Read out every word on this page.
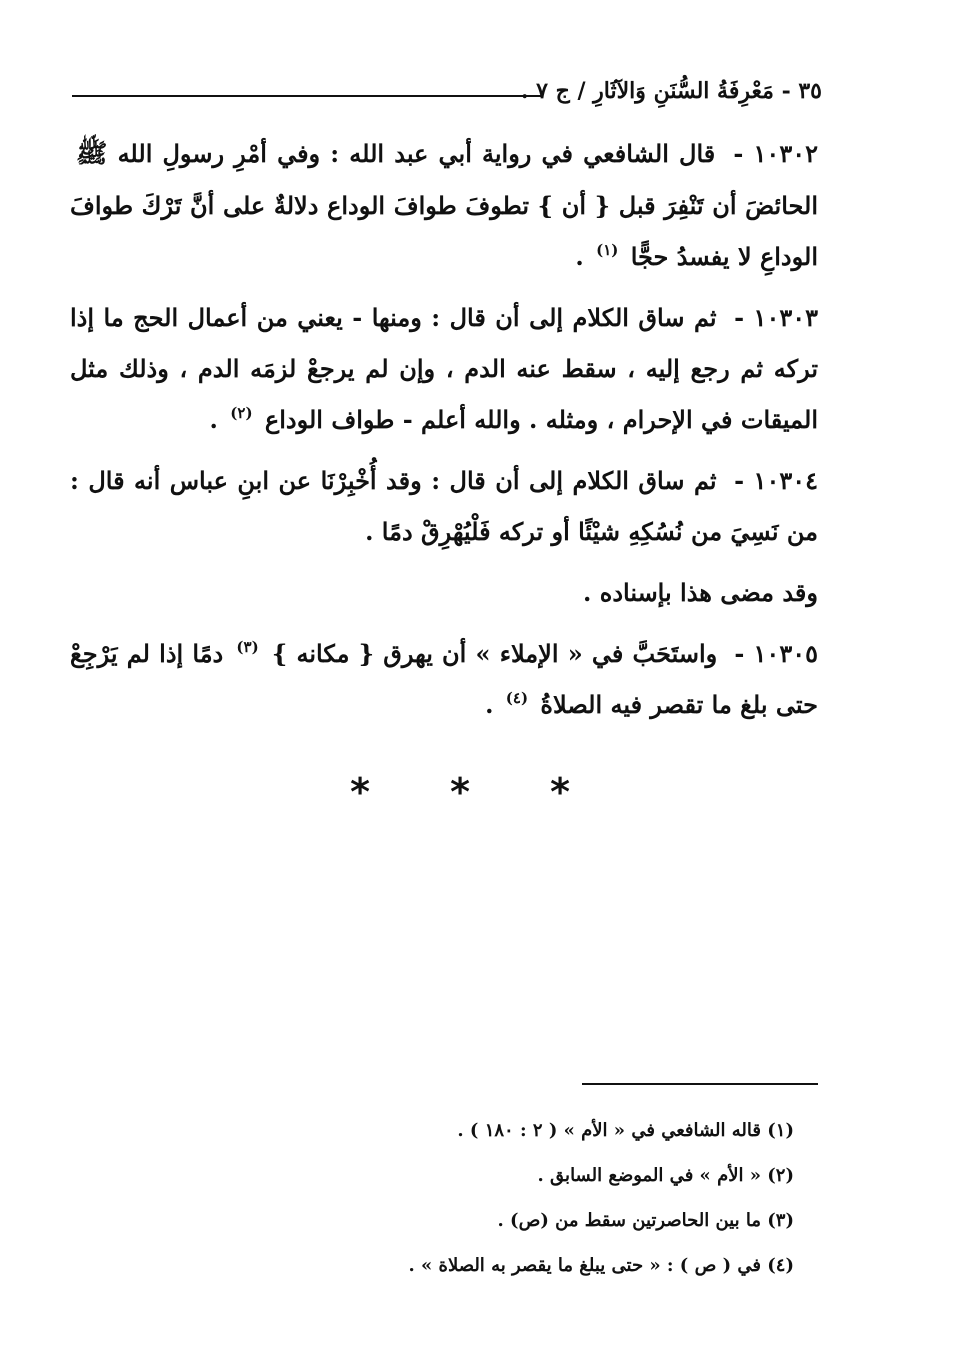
٣٥ - مَعْرِفَةُ السُّنَنِ وَالآثَارِ / ج ٧ .

١٠٣٠٢ - قال الشافعي في رواية أبي عبد الله : وفي أمْرِ رسولِ الله ﷺ الحائضَ أن تَنْفِرَ قبل { أن } تطوفَ طوافَ الوداع دلالةٌ على أنَّ تَرْكَ طوافَ الوداعِ لا يفسدُ حجًّا $^{(١)}$ .

١٠٣٠٣ - ثم ساق الكلام إلى أن قال : ومنها - يعني من أعمال الحج ما إذا تركه ثم رجع إليه ، سقط عنه الدم ، وإن لم يرجعْ لزمَه الدم ، وذلك مثل الميقات في الإحرام ، ومثله . والله أعلم - طواف الوداع $^{(٢)}$ .

١٠٣٠٤ - ثم ساق الكلام إلى أن قال : وقد أُخْبِرْنَا عن ابنِ عباس أنه قال : من نَسِيَ من نُسُكِهِ شيْئًا أو تركه فَلْيُهْرِقْ دمًا .

وقد مضى هذا بإسناده .

١٠٣٠٥ - واستَحَبَّ في « الإملاء » أن يهرق { مكانه } $^{(٣)}$ دمًا إذا لم يَرْجِعْ حتى بلغ ما تقصر فيه الصلاةُ $^{(٤)}$ .

* * *

(١) قاله الشافعي في « الأم » ( ٢ : ١٨٠ ) .

(٢) « الأم » في الموضع السابق .

(٣) ما بين الحاصرتين سقط من (ص) .

(٤) في ( ص ) : « حتى يبلغ ما يقصر به الصلاة » .
